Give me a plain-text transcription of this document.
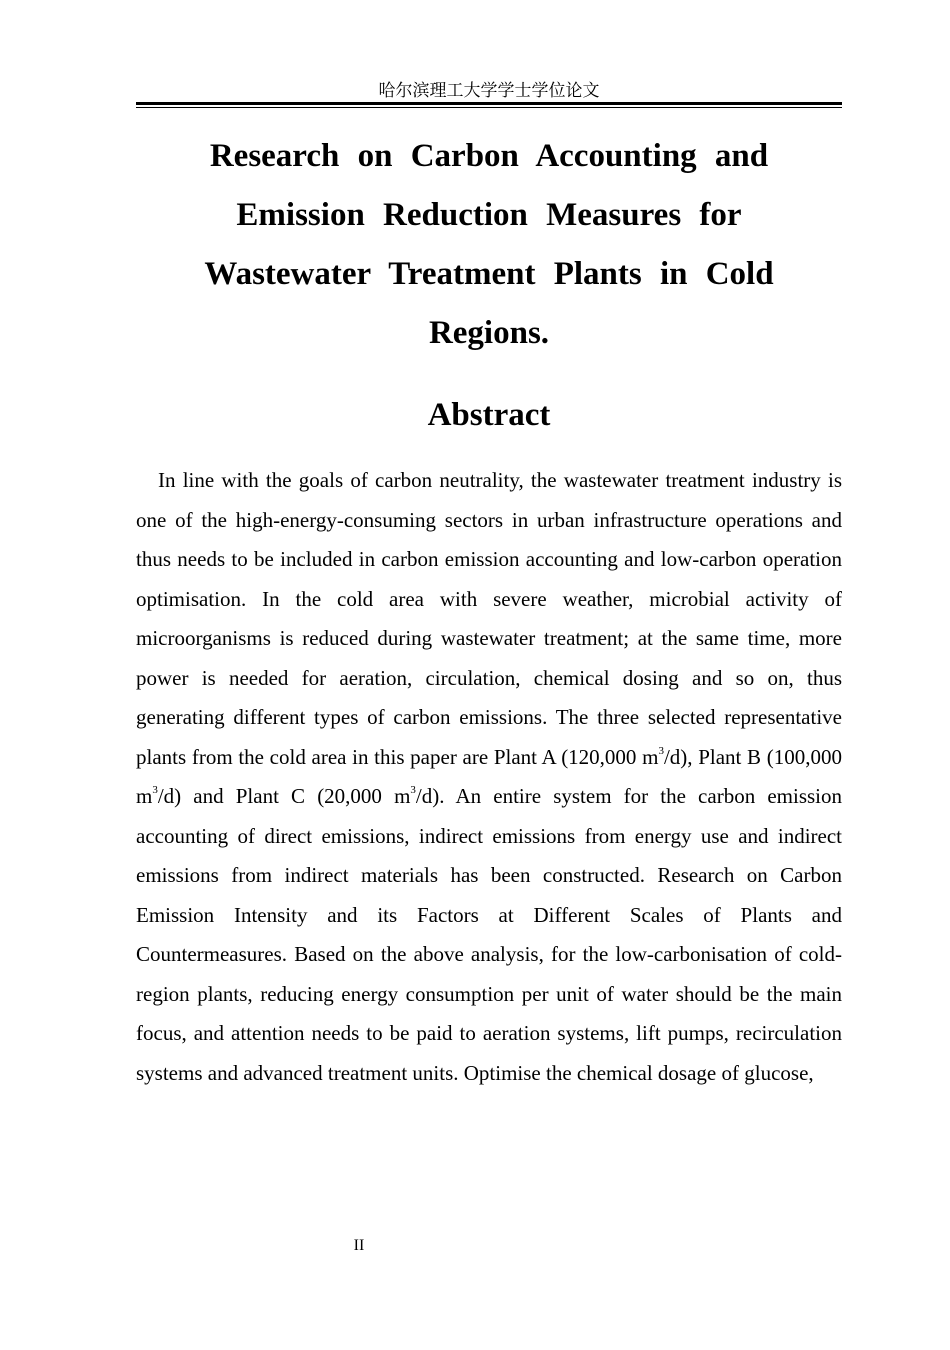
哈尔滨理工大学学士学位论文
Research on Carbon Accounting and Emission Reduction Measures for Wastewater Treatment Plants in Cold Regions.
Abstract

In line with the goals of carbon neutrality, the wastewater treatment industry is one of the high-energy-consuming sectors in urban infrastructure operations and thus needs to be included in carbon emission accounting and low-carbon operation optimisation. In the cold area with severe weather, microbial activity of microorganisms is reduced during wastewater treatment; at the same time, more power is needed for aeration, circulation, chemical dosing and so on, thus generating different types of carbon emissions. The three selected representative plants from the cold area in this paper are Plant A (120,000 $m^3/d$), Plant B (100,000 $m^3/d$) and Plant C (20,000 $m^3/d$). An entire system for the carbon emission accounting of direct emissions, indirect emissions from energy use and indirect emissions from indirect materials has been constructed. Research on Carbon Emission Intensity and its Factors at Different Scales of Plants and Countermeasures. Based on the above analysis, for the low-carbonisation of cold-region plants, reducing energy consumption per unit of water should be the main focus, and attention needs to be paid to aeration systems, lift pumps, recirculation systems and advanced treatment units. Optimise the chemical dosage of glucose,

II
